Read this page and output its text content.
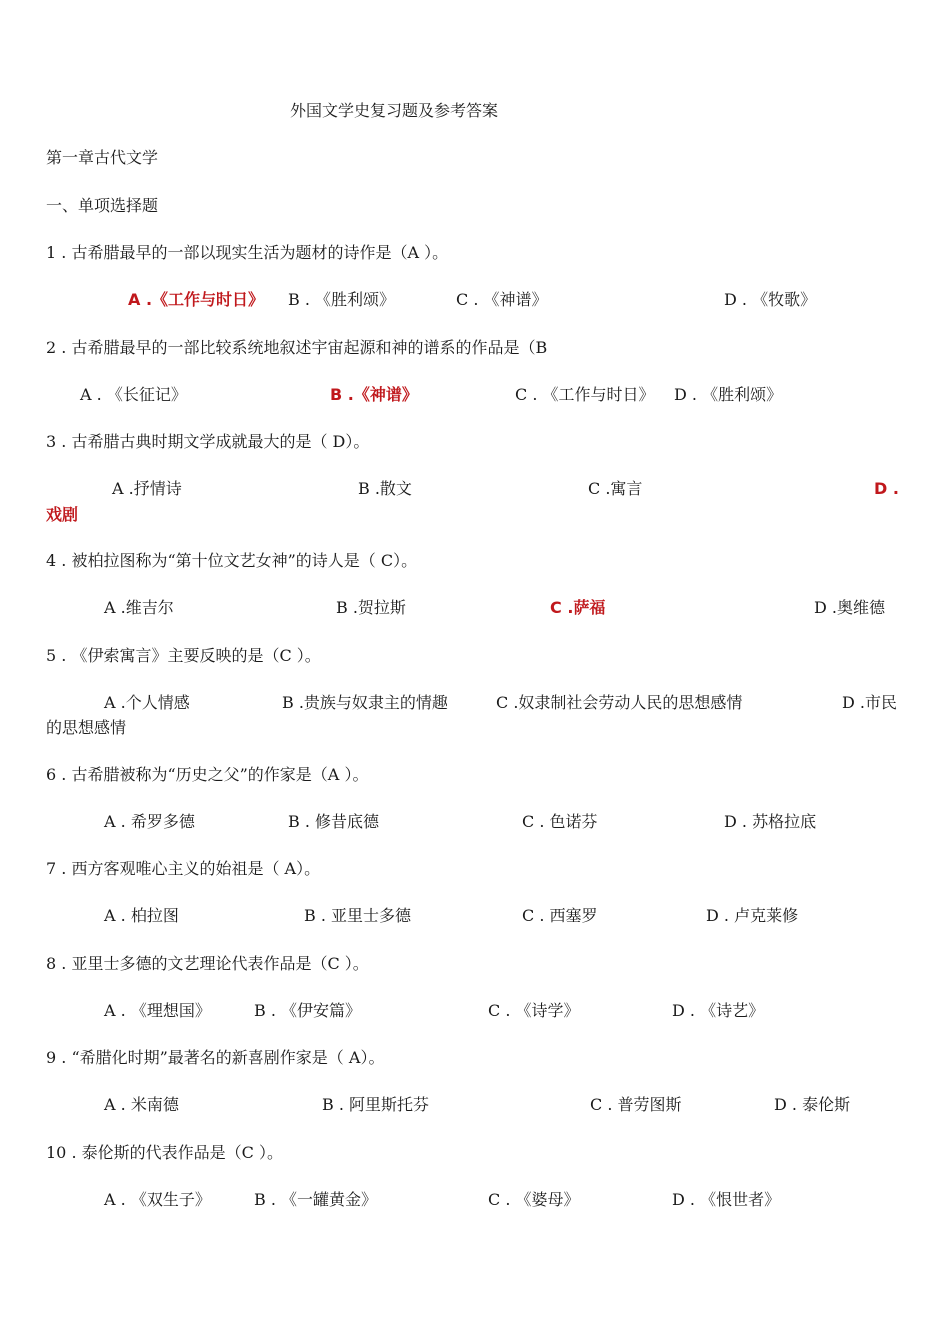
外国文学史复习题及参考答案
第一章古代文学
一、单项选择题
1 . 古希腊最早的一部以现实生活为题材的诗作是（A ）。
A .《工作与时日》 B . 《胜利颂》	C . 《神谱》	D . 《牧歌》
2 . 古希腊最早的一部比较系统地叙述宇宙起源和神的谱系的作品是（B
A . 《长征记》	B .《神谱》	C . 《工作与时日》 D . 《胜利颂》
3 . 古希腊古典时期文学成就最大的是（ D）。
A .抒情诗	B .散文	C .寓言	D .
戏剧
4 . 被柏拉图称为“第十位文艺女神”的诗人是（ C）。
A .维吉尔	B .贺拉斯	C .萨福	D .奥维德
5 . 《伊索寓言》主要反映的是（C ）。
A .个人情感	B .贵族与奴隶主的情趣	C .奴隶制社会劳动人民的思想感情	D .市民
的思想感情
6 . 古希腊被称为“历史之父”的作家是（A ）。
A . 希罗多德	B . 修昔底德	C . 色诺芬	D . 苏格拉底
7 . 西方客观唯心主义的始祖是（ A）。
A . 柏拉图	B . 亚里士多德	C . 西塞罗	D . 卢克莱修
8 . 亚里士多德的文艺理论代表作品是（C ）。
A . 《理想国》	B . 《伊安篇》	C . 《诗学》	D . 《诗艺》
9 . “希腊化时期”最著名的新喜剧作家是（ A）。
A . 米南德	B . 阿里斯托芬	C . 普劳图斯	D . 泰伦斯
10 . 泰伦斯的代表作品是（C ）。
A . 《双生子》	B . 《一罐黄金》	C . 《婆母》	D . 《恨世者》
